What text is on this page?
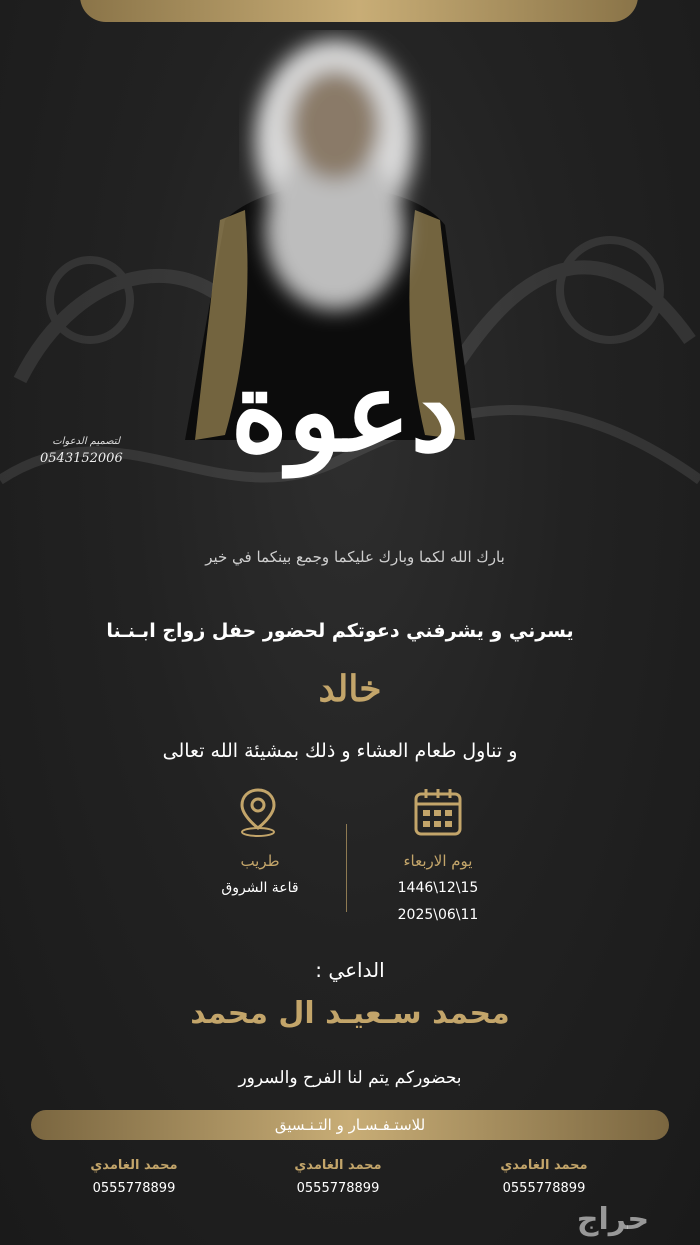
دعوة
لتصميم الدعوات
0543152006
بارك الله لكما وبارك عليكما وجمع بينكما في خير
يسرني و يشرفني دعوتكم لحضور حفل زواج ابـنـنا
خالد
و تناول طعام العشاء و ذلك بمشيئة الله تعالى
طريب
قاعة الشروق
يوم الاربعاء
1446\12\15
2025\06\11
الداعي :
محمد سـعيـد ال محمد
بحضوركم يتم لنا الفرح والسرور
للاستـفـسـار و التـنـسيق
محمد الغامدي
0555778899
محمد الغامدي
0555778899
محمد الغامدي
0555778899
حراج
